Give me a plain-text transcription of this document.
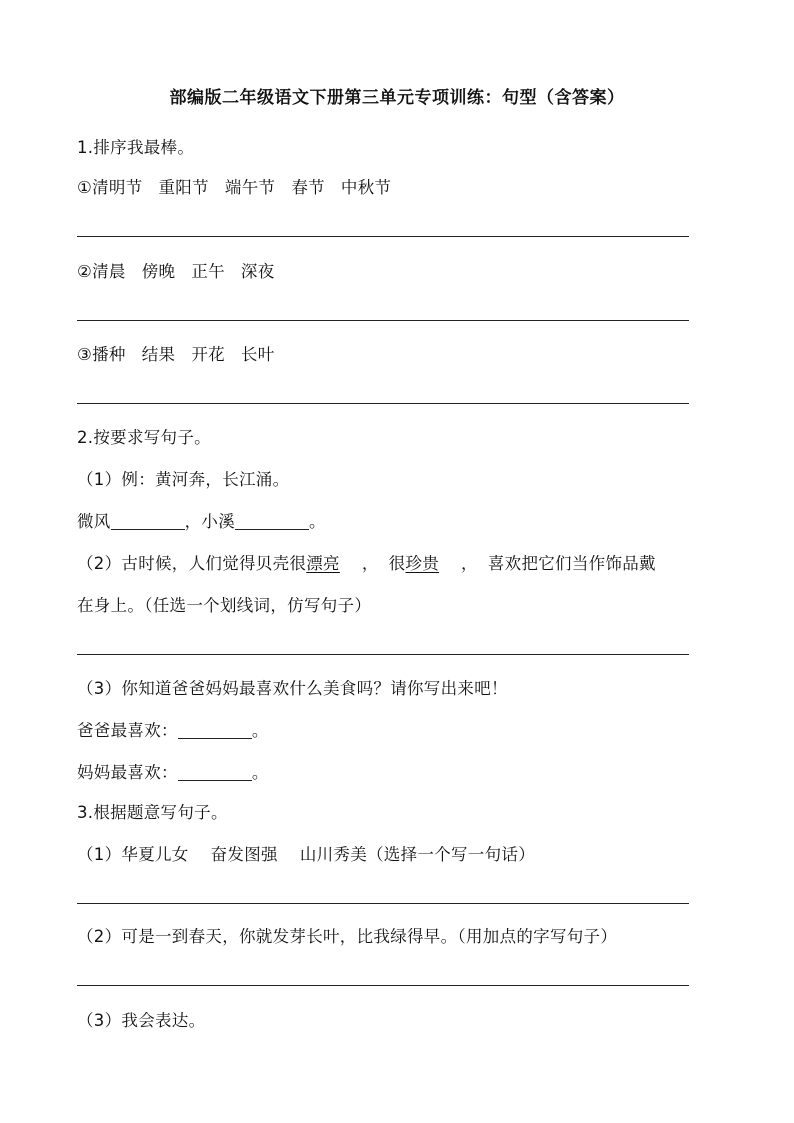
部编版二年级语文下册第三单元专项训练：句型（含答案）
1.排序我最棒。
①清明节 重阳节 端午节 春节 中秋节
②清晨 傍晚 正午 深夜
③播种 结果 开花 长叶
2.按要求写句子。
（1）例：黄河奔，长江涌。
微风	，小溪	。
（2）古时候，人们觉得贝壳很漂亮 ， 很珍贵 ， 喜欢把它们当作饰品戴
在身上。（任选一个划线词，仿写句子）
（3）你知道爸爸妈妈最喜欢什么美食吗？请你写出来吧！
爸爸最喜欢：	。
妈妈最喜欢：	。
3.根据题意写句子。
（1）华夏儿女 奋发图强 山川秀美（选择一个写一句话）
（2）可是一到春天，你就发芽长叶，比我绿得早。（用加点的字写句子）
（3）我会表达。
